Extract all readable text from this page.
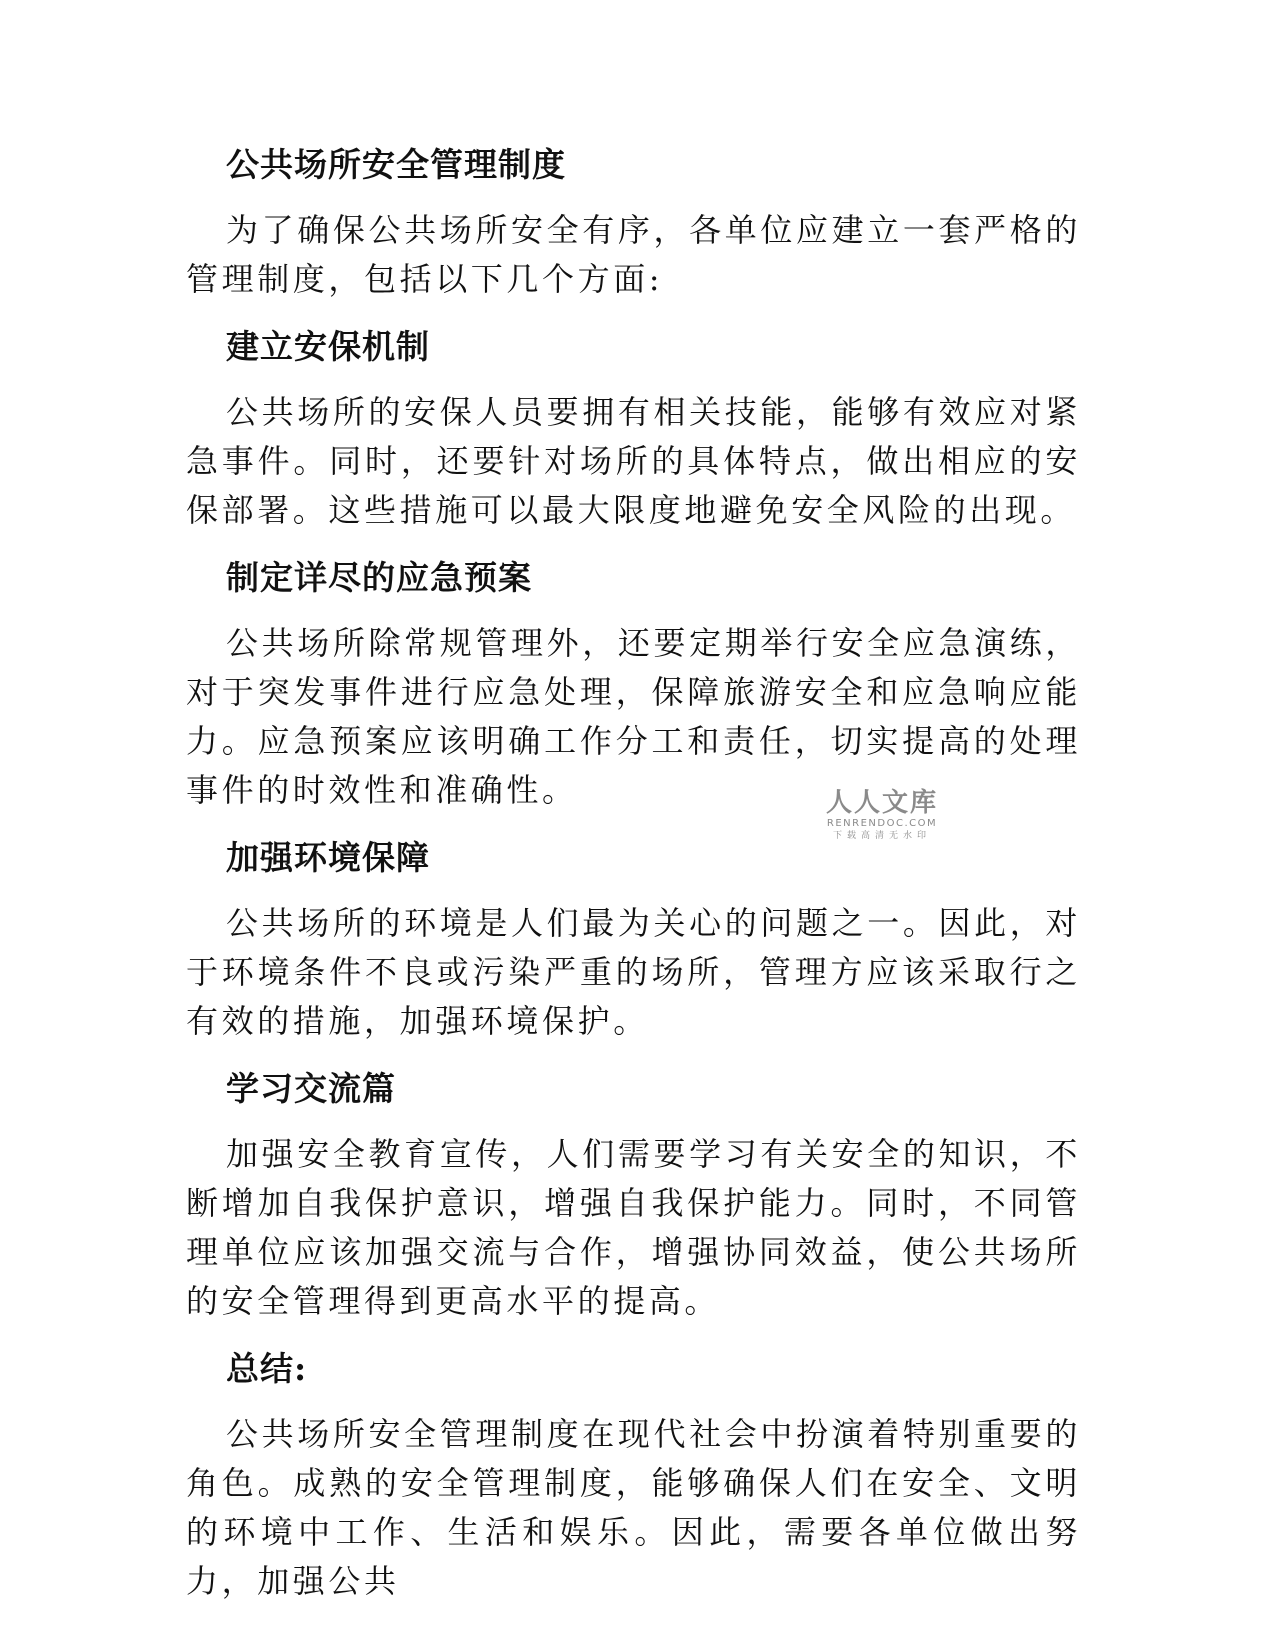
公共场所安全管理制度

为了确保公共场所安全有序，各单位应建立一套严格的管理制度，包括以下几个方面:

建立安保机制

公共场所的安保人员要拥有相关技能，能够有效应对紧急事件。同时，还要针对场所的具体特点，做出相应的安保部署。这些措施可以最大限度地避免安全风险的出现。

制定详尽的应急预案

公共场所除常规管理外，还要定期举行安全应急演练，对于突发事件进行应急处理，保障旅游安全和应急响应能力。应急预案应该明确工作分工和责任，切实提高的处理事件的时效性和准确性。

加强环境保障

公共场所的环境是人们最为关心的问题之一。因此，对于环境条件不良或污染严重的场所，管理方应该采取行之有效的措施，加强环境保护。

学习交流篇

加强安全教育宣传，人们需要学习有关安全的知识，不断增加自我保护意识，增强自我保护能力。同时，不同管理单位应该加强交流与合作，增强协同效益，使公共场所的安全管理得到更高水平的提高。

总结:

公共场所安全管理制度在现代社会中扮演着特别重要的角色。成熟的安全管理制度，能够确保人们在安全、文明的环境中工作、生活和娱乐。因此，需要各单位做出努力，加强公共

人人文库
RENRENDOC.COM
下载高清无水印
